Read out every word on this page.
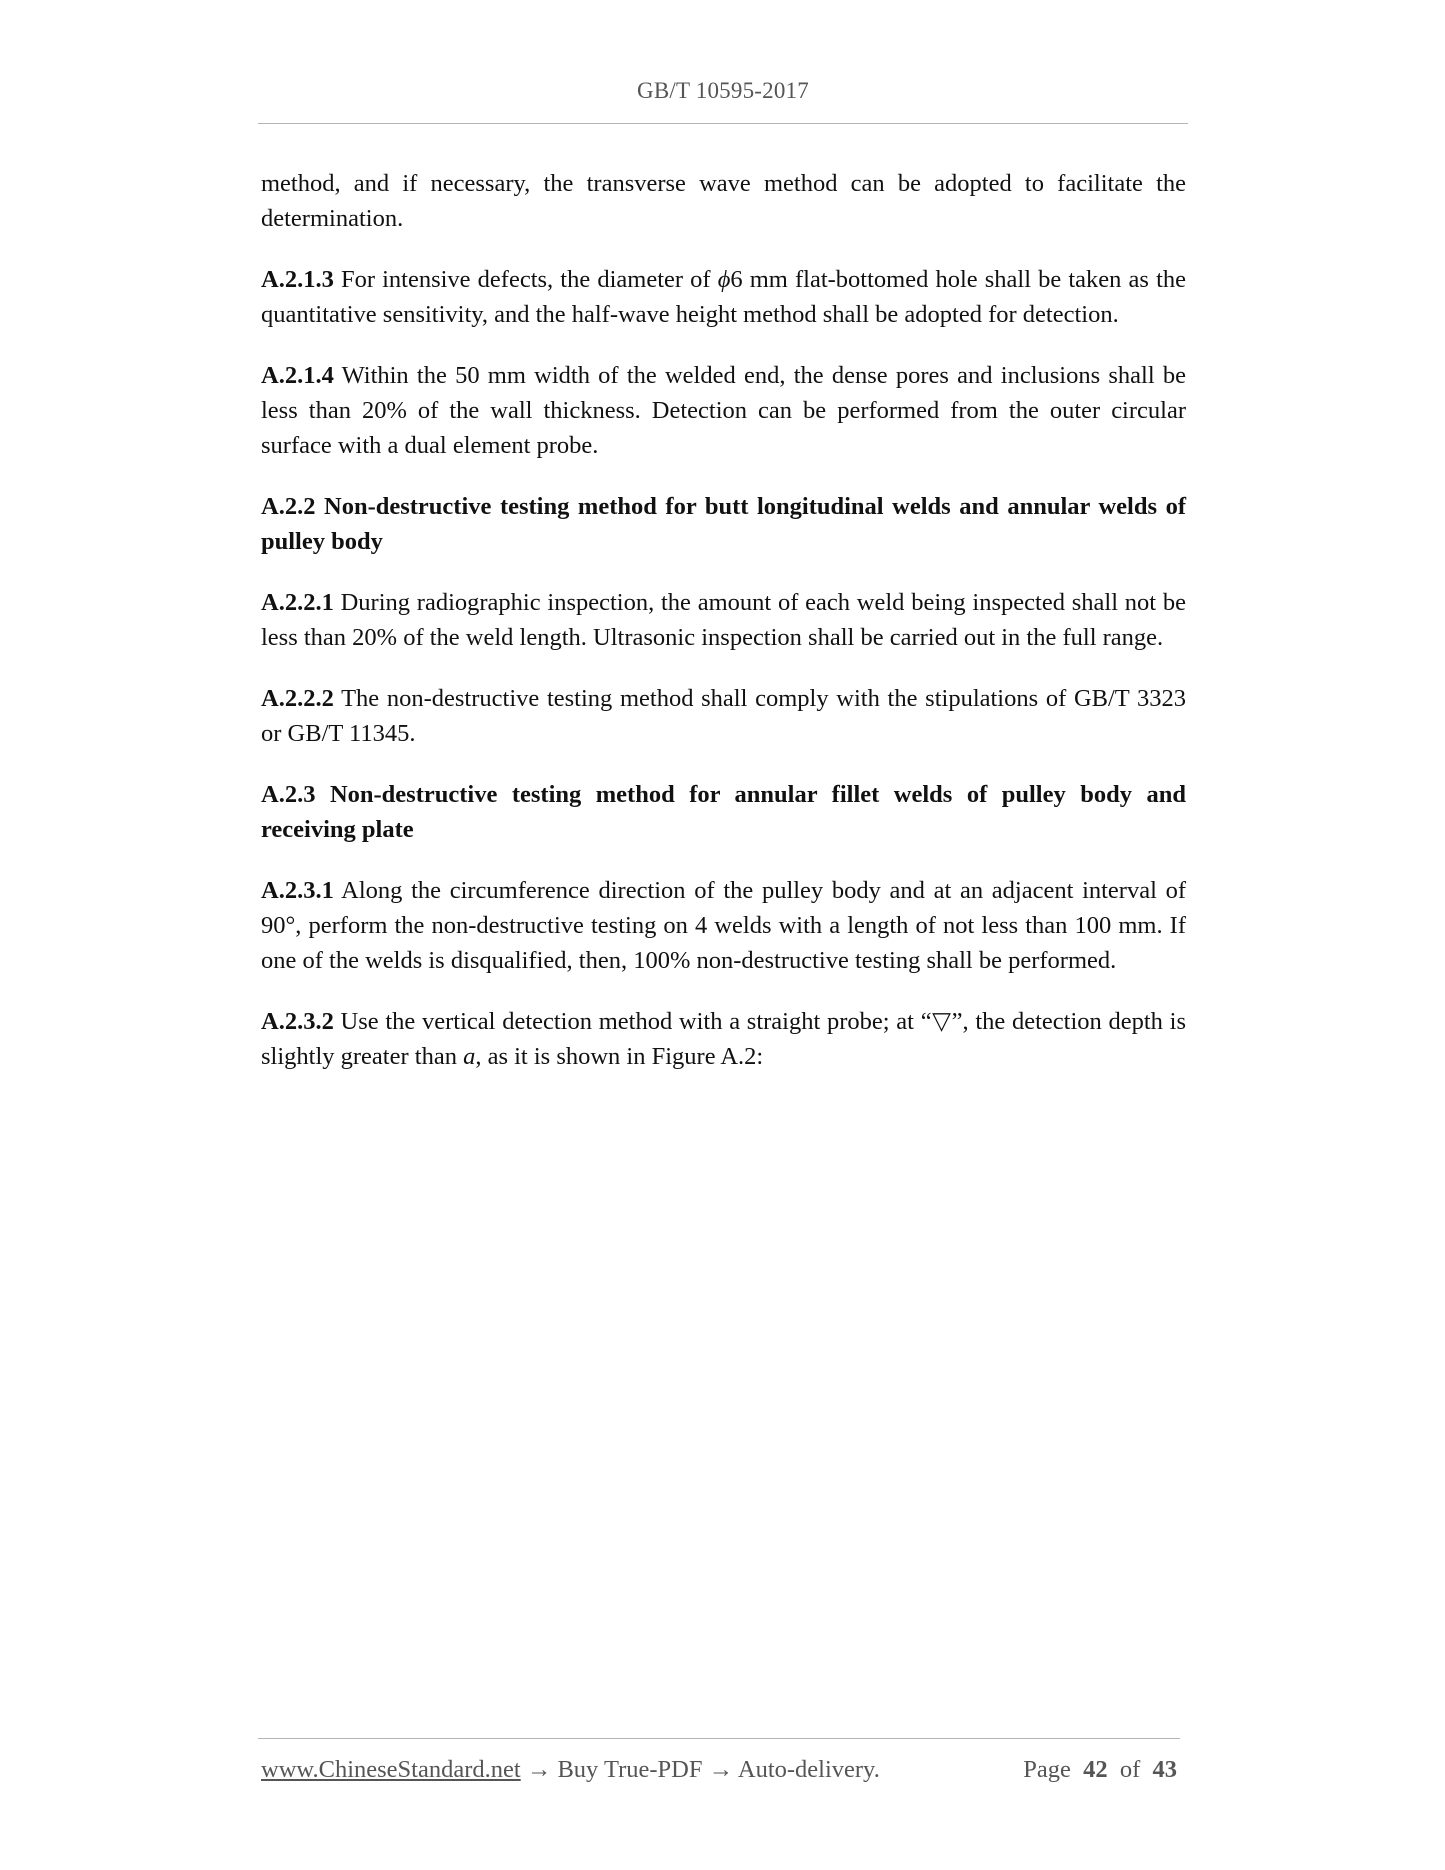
GB/T 10595-2017

method, and if necessary, the transverse wave method can be adopted to facilitate the determination.

A.2.1.3 For intensive defects, the diameter of ϕ6 mm flat-bottomed hole shall be taken as the quantitative sensitivity, and the half-wave height method shall be adopted for detection.

A.2.1.4 Within the 50 mm width of the welded end, the dense pores and inclusions shall be less than 20% of the wall thickness. Detection can be performed from the outer circular surface with a dual element probe.

A.2.2 Non-destructive testing method for butt longitudinal welds and annular welds of pulley body

A.2.2.1 During radiographic inspection, the amount of each weld being inspected shall not be less than 20% of the weld length. Ultrasonic inspection shall be carried out in the full range.

A.2.2.2 The non-destructive testing method shall comply with the stipulations of GB/T 3323 or GB/T 11345.

A.2.3 Non-destructive testing method for annular fillet welds of pulley body and receiving plate

A.2.3.1 Along the circumference direction of the pulley body and at an adjacent interval of 90°, perform the non-destructive testing on 4 welds with a length of not less than 100 mm. If one of the welds is disqualified, then, 100% non-destructive testing shall be performed.

A.2.3.2 Use the vertical detection method with a straight probe; at “▽”, the detection depth is slightly greater than a, as it is shown in Figure A.2:

www.ChineseStandard.net → Buy True-PDF → Auto-delivery.	Page 42 of 43
